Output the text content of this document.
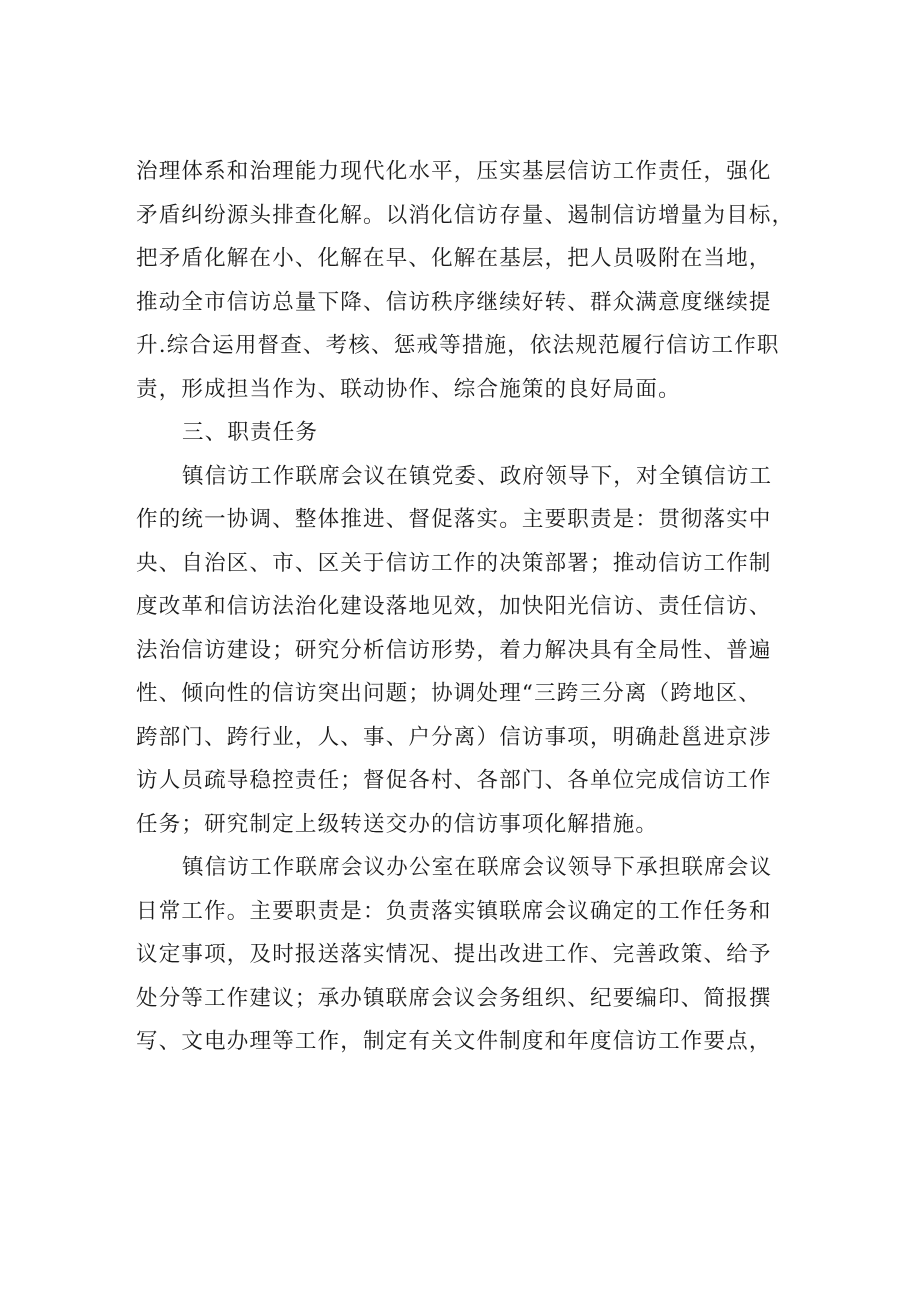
治理体系和治理能力现代化水平，压实基层信访工作责任，强化
矛盾纠纷源头排查化解。以消化信访存量、遏制信访增量为目标，
把矛盾化解在小、化解在早、化解在基层，把人员吸附在当地，
推动全市信访总量下降、信访秩序继续好转、群众满意度继续提
升.综合运用督查、考核、惩戒等措施，依法规范履行信访工作职
责，形成担当作为、联动协作、综合施策的良好局面。
三、职责任务
镇信访工作联席会议在镇党委、政府领导下，对全镇信访工
作的统一协调、整体推进、督促落实。主要职责是：贯彻落实中
央、自治区、市、区关于信访工作的决策部署；推动信访工作制
度改革和信访法治化建设落地见效，加快阳光信访、责任信访、
法治信访建设；研究分析信访形势，着力解决具有全局性、普遍
性、倾向性的信访突出问题；协调处理“三跨三分离（跨地区、
跨部门、跨行业，人、事、户分离）信访事项，明确赴邕进京涉
访人员疏导稳控责任；督促各村、各部门、各单位完成信访工作
任务；研究制定上级转送交办的信访事项化解措施。
镇信访工作联席会议办公室在联席会议领导下承担联席会议
日常工作。主要职责是：负责落实镇联席会议确定的工作任务和
议定事项，及时报送落实情况、提出改进工作、完善政策、给予
处分等工作建议；承办镇联席会议会务组织、纪要编印、简报撰
写、文电办理等工作，制定有关文件制度和年度信访工作要点，
